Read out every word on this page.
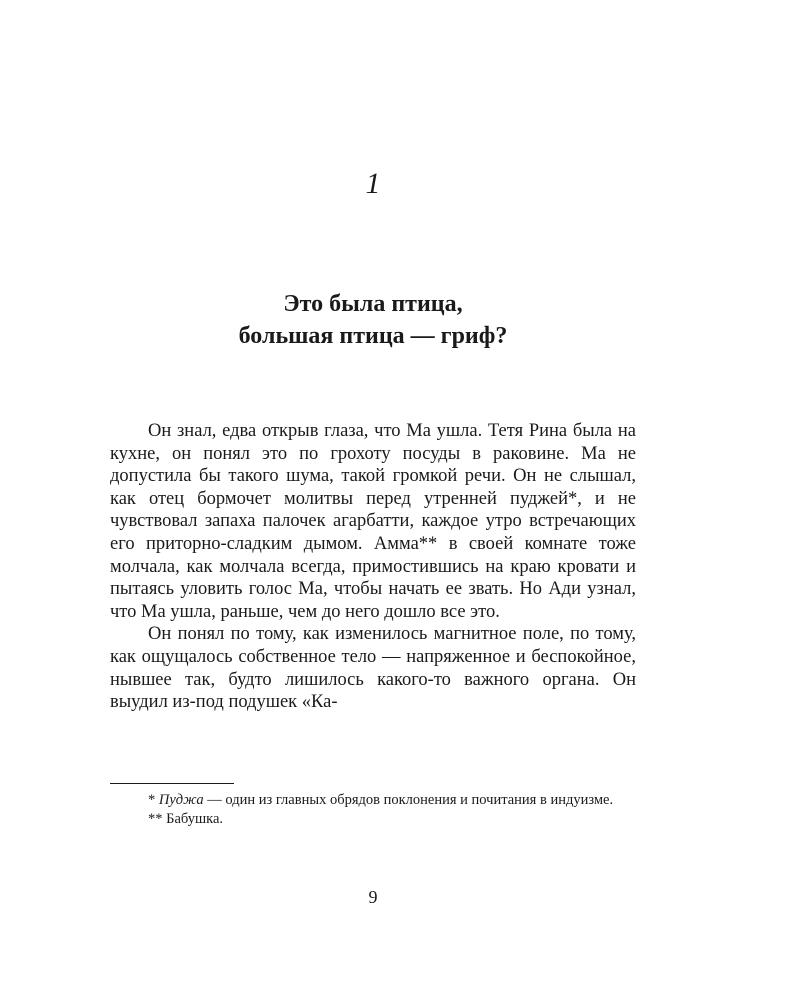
1
Это была птица,
большая птица — гриф?

Он знал, едва открыв глаза, что Ма ушла. Тетя Рина была на кухне, он понял это по грохоту посуды в раковине. Ма не допустила бы такого шума, такой громкой речи. Он не слышал, как отец бормочет молитвы перед утренней пуджей*, и не чувствовал запаха палочек агарбатти, каждое утро встречающих его приторно-сладким дымом. Амма** в своей комнате тоже молчала, как молчала всегда, примостившись на краю кровати и пытаясь уловить голос Ма, чтобы начать ее звать. Но Ади узнал, что Ма ушла, раньше, чем до него дошло все это.

Он понял по тому, как изменилось магнитное поле, по тому, как ощущалось собственное тело — напряженное и беспокойное, нывшее так, будто лишилось какого-то важного органа. Он выудил из-под подушек «Ка-

* Пуджа — один из главных обрядов поклонения и почитания в индуизме.

** Бабушка.

9
